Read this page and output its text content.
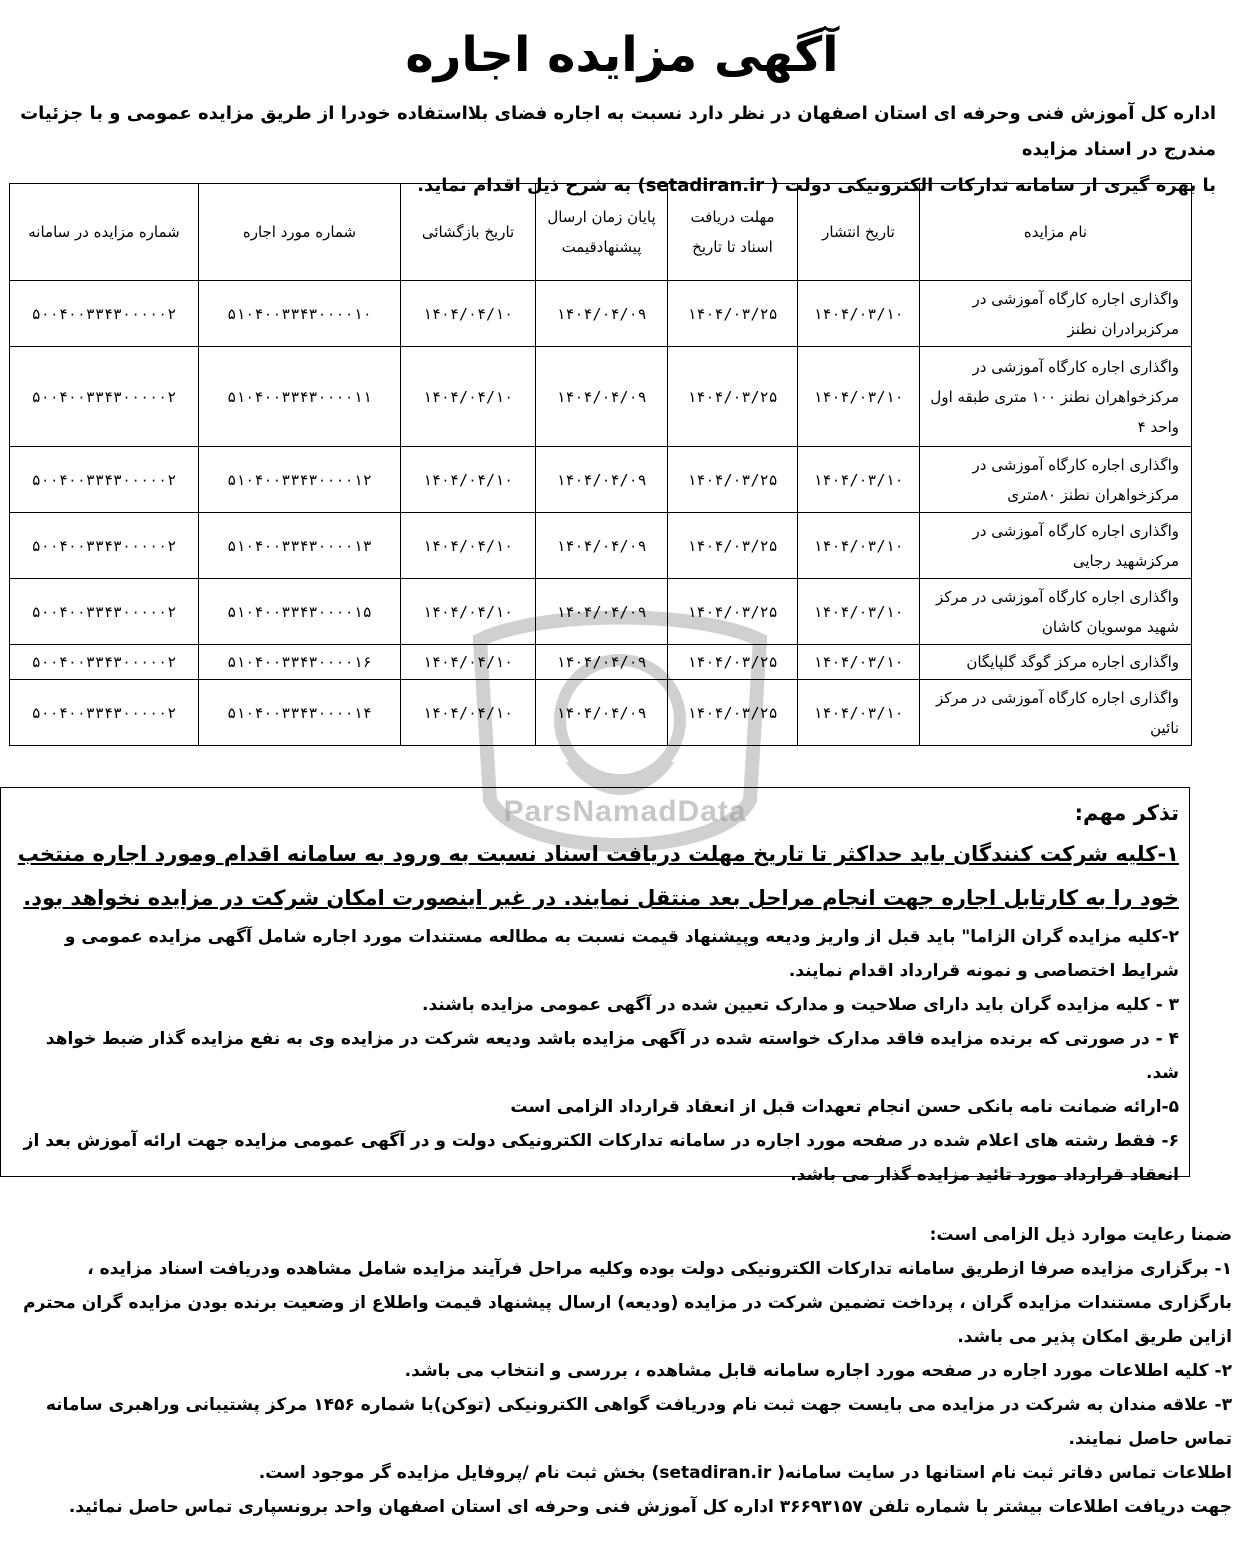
آگهی مزایده اجاره
اداره کل آموزش فنی وحرفه ای استان اصفهان در نظر دارد نسبت به اجاره فضای بلااستفاده خودرا از طریق مزایده عمومی و با جزئیات مندرج در اسناد مزایده
با بهره گیری از سامانه تدارکات الکترونیکی دولت ( setadiran.ir) به شرح ذیل اقدام نماید.
ParsNamadData
نام مزایده	تاریخ انتشار	مهلت دریافت اسناد تا تاریخ	پایان زمان ارسال پیشنهادقیمت	تاریخ بازگشائی	شماره مورد اجاره	شماره مزایده در سامانه
واگذاری اجاره کارگاه آموزشی در مرکزبرادران نطنز	۱۴۰۴/۰۳/۱۰	۱۴۰۴/۰۳/۲۵	۱۴۰۴/۰۴/۰۹	۱۴۰۴/۰۴/۱۰	۵۱۰۴۰۰۳۳۴۳۰۰۰۰۱۰	۵۰۰۴۰۰۳۳۴۳۰۰۰۰۰۲
واگذاری اجاره کارگاه آموزشی در مرکزخواهران نطنز ۱۰۰ متری طبقه اول واحد ۴	۱۴۰۴/۰۳/۱۰	۱۴۰۴/۰۳/۲۵	۱۴۰۴/۰۴/۰۹	۱۴۰۴/۰۴/۱۰	۵۱۰۴۰۰۳۳۴۳۰۰۰۰۱۱	۵۰۰۴۰۰۳۳۴۳۰۰۰۰۰۲
واگذاری اجاره کارگاه آموزشی در مرکزخواهران نطنز ۸۰متری	۱۴۰۴/۰۳/۱۰	۱۴۰۴/۰۳/۲۵	۱۴۰۴/۰۴/۰۹	۱۴۰۴/۰۴/۱۰	۵۱۰۴۰۰۳۳۴۳۰۰۰۰۱۲	۵۰۰۴۰۰۳۳۴۳۰۰۰۰۰۲
واگذاری اجاره کارگاه آموزشی در مرکزشهید رجایی	۱۴۰۴/۰۳/۱۰	۱۴۰۴/۰۳/۲۵	۱۴۰۴/۰۴/۰۹	۱۴۰۴/۰۴/۱۰	۵۱۰۴۰۰۳۳۴۳۰۰۰۰۱۳	۵۰۰۴۰۰۳۳۴۳۰۰۰۰۰۲
واگذاری اجاره کارگاه آموزشی در مرکز شهید موسویان کاشان	۱۴۰۴/۰۳/۱۰	۱۴۰۴/۰۳/۲۵	۱۴۰۴/۰۴/۰۹	۱۴۰۴/۰۴/۱۰	۵۱۰۴۰۰۳۳۴۳۰۰۰۰۱۵	۵۰۰۴۰۰۳۳۴۳۰۰۰۰۰۲
واگذاری اجاره مرکز گوگد گلپایگان	۱۴۰۴/۰۳/۱۰	۱۴۰۴/۰۳/۲۵	۱۴۰۴/۰۴/۰۹	۱۴۰۴/۰۴/۱۰	۵۱۰۴۰۰۳۳۴۳۰۰۰۰۱۶	۵۰۰۴۰۰۳۳۴۳۰۰۰۰۰۲
واگذاری اجاره کارگاه آموزشی در مرکز نائین	۱۴۰۴/۰۳/۱۰	۱۴۰۴/۰۳/۲۵	۱۴۰۴/۰۴/۰۹	۱۴۰۴/۰۴/۱۰	۵۱۰۴۰۰۳۳۴۳۰۰۰۰۱۴	۵۰۰۴۰۰۳۳۴۳۰۰۰۰۰۲
تذکر مهم:
۱-کلیه شرکت کنندگان باید حداکثر تا تاریخ مهلت دریافت اسناد نسبت به ورود به سامانه اقدام ومورد اجاره منتخب خود را به کارتابل اجاره جهت انجام مراحل بعد منتقل نمایند. در غیر اینصورت امکان شرکت در مزایده نخواهد بود.
۲-کلیه مزایده گران الزاما" باید قبل از واریز ودیعه وپیشنهاد قیمت نسبت به مطالعه مستندات مورد اجاره شامل آگهی مزایده عمومی و شرایط اختصاصی و نمونه قرارداد اقدام نمایند.
۳ - کلیه مزایده گران باید دارای صلاحیت و مدارک تعیین شده در آگهی عمومی مزایده باشند.
۴ - در صورتی که برنده مزایده فاقد مدارک خواسته شده در آگهی مزایده باشد ودیعه شرکت در مزایده وی به نفع مزایده گذار ضبط خواهد شد.
۵-ارائه ضمانت نامه بانکی حسن انجام تعهدات قبل از انعقاد قرارداد الزامی است
۶- فقط رشته های اعلام شده در صفحه مورد اجاره در سامانه تدارکات الکترونیکی دولت و در آگهی عمومی مزایده جهت ارائه آموزش بعد از انعقاد قرارداد مورد تائید مزایده گذار می باشد.

ضمنا رعایت موارد ذیل الزامی است:

۱- برگزاری مزایده صرفا ازطریق سامانه تدارکات الکترونیکی دولت بوده وکلیه مراحل فرآیند مزایده شامل مشاهده ودریافت اسناد مزایده ، بارگزاری مستندات مزایده گران ، پرداخت تضمین شرکت در مزایده (ودیعه) ارسال پیشنهاد قیمت واطلاع از وضعیت برنده بودن مزایده گران محترم ازاین طریق امکان پذیر می باشد.

۲- کلیه اطلاعات مورد اجاره در صفحه مورد اجاره سامانه قابل مشاهده ، بررسی و انتخاب می باشد.

۳- علاقه مندان به شرکت در مزایده می بایست جهت ثبت نام ودریافت گواهی الکترونیکی (توکن)با شماره ۱۴۵۶ مرکز پشتیبانی وراهبری سامانه تماس حاصل نمایند.

اطلاعات تماس دفاتر ثبت نام استانها در سایت سامانه( setadiran.ir) بخش ثبت نام /پروفایل مزایده گر موجود است.

جهت دریافت اطلاعات بیشتر با شماره تلفن ۳۶۶۹۳۱۵۷ اداره کل آموزش فنی وحرفه ای استان اصفهان واحد برونسپاری تماس حاصل نمائید.
